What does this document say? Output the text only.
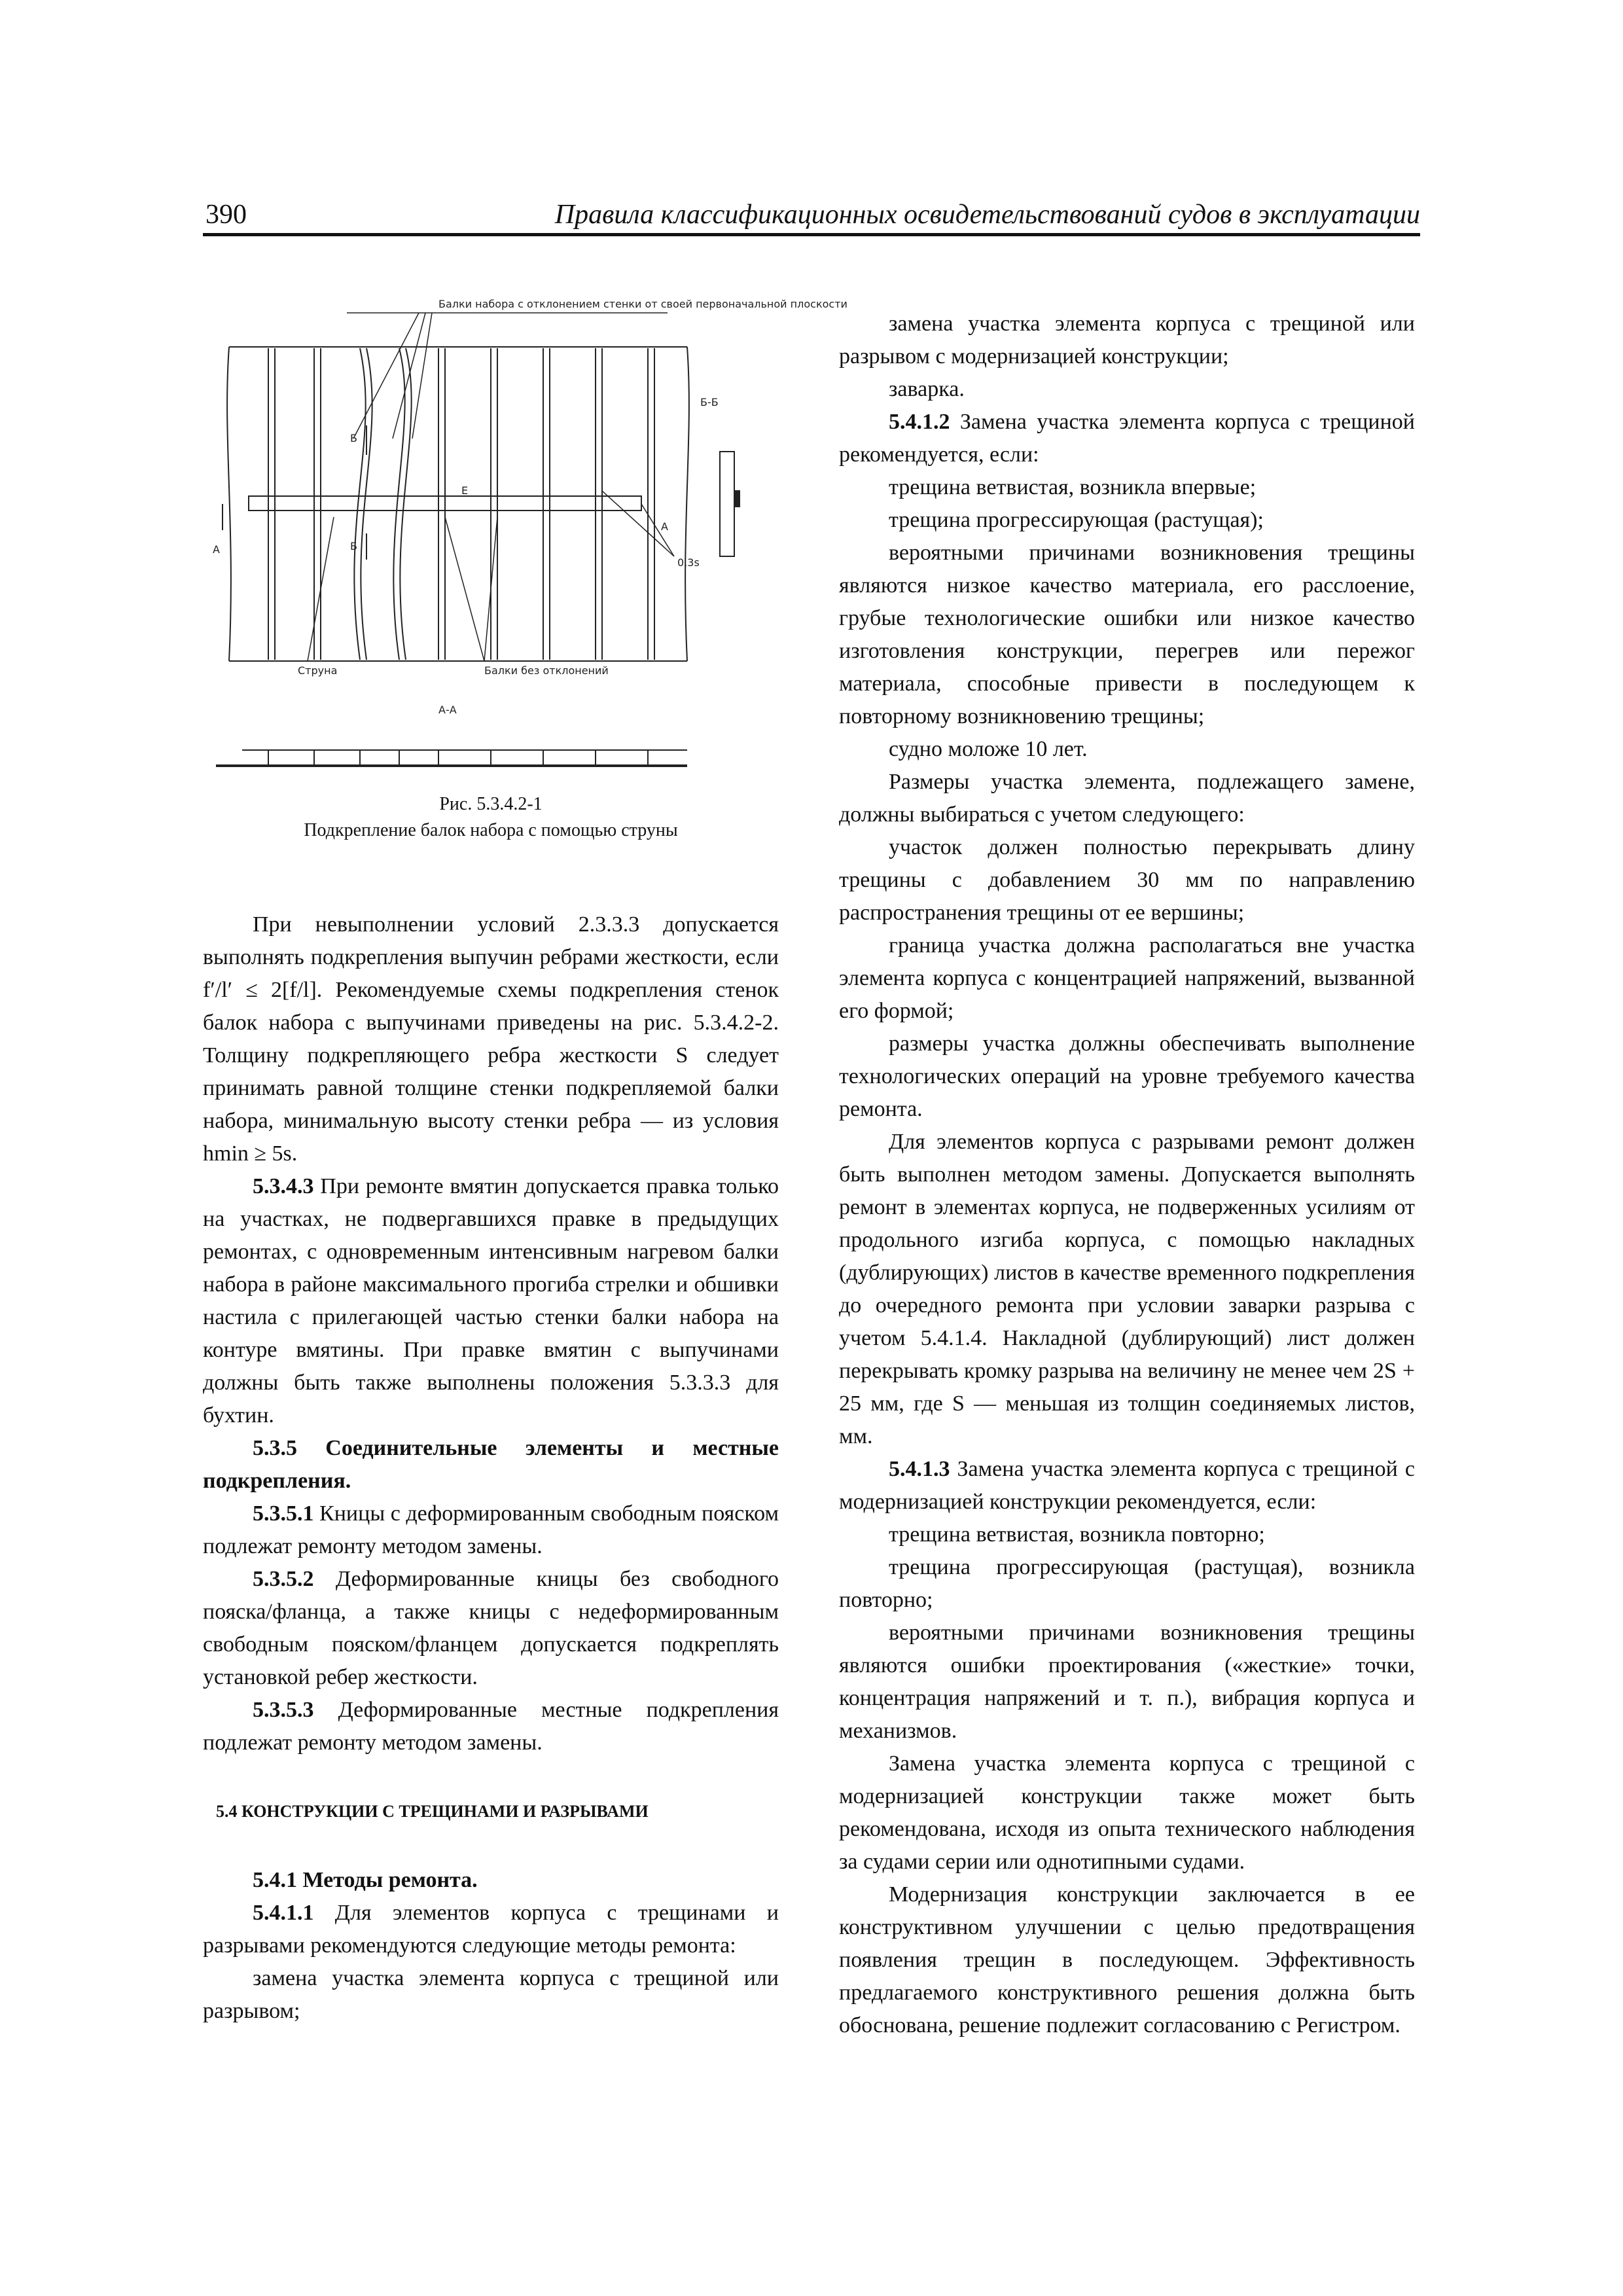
390	Правила классификационных освидетельствований судов в эксплуатации
Балки набора с отклонением стенки от своей первоначальной плоскости
Б-Б
Б
Б
А
А
Е
0,3s
Струна	Балки без отклонений
А-А
Рис. 5.3.4.2-1
Подкрепление балок набора с помощью струны

При невыполнении условий 2.3.3.3 допускается выполнять подкрепления выпучин ребрами жесткости, если f′/l′ ≤ 2[f/l]. Рекомендуемые схемы подкрепления стенок балок набора с выпучинами приведены на рис. 5.3.4.2-2. Толщину подкрепляющего ребра жесткости S следует принимать равной толщине стенки подкрепляемой балки набора, минимальную высоту стенки ребра — из условия hmin ≥ 5s.

5.3.4.3 При ремонте вмятин допускается правка только на участках, не подвергавшихся правке в предыдущих ремонтах, с одновременным интенсивным нагревом балки набора в районе максимального прогиба стрелки и обшивки настила с прилегающей частью стенки балки набора на контуре вмятины. При правке вмятин с выпучинами должны быть также выполнены положения 5.3.3.3 для бухтин.

5.3.5 Соединительные элементы и местные подкрепления.

5.3.5.1 Кницы с деформированным свободным пояском подлежат ремонту методом замены.

5.3.5.2 Деформированные кницы без свободного пояска/фланца, а также кницы с недеформированным свободным пояском/фланцем допускается подкреплять установкой ребер жесткости.

5.3.5.3 Деформированные местные подкрепления подлежат ремонту методом замены.

5.4 КОНСТРУКЦИИ С ТРЕЩИНАМИ И РАЗРЫВАМИ

5.4.1 Методы ремонта.

5.4.1.1 Для элементов корпуса с трещинами и разрывами рекомендуются следующие методы ремонта:

замена участка элемента корпуса с трещиной или разрывом;

замена участка элемента корпуса с трещиной или разрывом с модернизацией конструкции;

заварка.

5.4.1.2 Замена участка элемента корпуса с трещиной рекомендуется, если:

трещина ветвистая, возникла впервые;

трещина прогрессирующая (растущая);

вероятными причинами возникновения трещины являются низкое качество материала, его расслоение, грубые технологические ошибки или низкое качество изготовления конструкции, перегрев или пережог материала, способные привести в последующем к повторному возникновению трещины;

судно моложе 10 лет.

Размеры участка элемента, подлежащего замене, должны выбираться с учетом следующего:

участок должен полностью перекрывать длину трещины с добавлением 30 мм по направлению распространения трещины от ее вершины;

граница участка должна располагаться вне участка элемента корпуса с концентрацией напряжений, вызванной его формой;

размеры участка должны обеспечивать выполнение технологических операций на уровне требуемого качества ремонта.

Для элементов корпуса с разрывами ремонт должен быть выполнен методом замены. Допускается выполнять ремонт в элементах корпуса, не подверженных усилиям от продольного изгиба корпуса, с помощью накладных (дублирующих) листов в качестве временного подкрепления до очередного ремонта при условии заварки разрыва с учетом 5.4.1.4. Накладной (дублирующий) лист должен перекрывать кромку разрыва на величину не менее чем 2S + 25 мм, где S — меньшая из толщин соединяемых листов, мм.

5.4.1.3 Замена участка элемента корпуса с трещиной с модернизацией конструкции рекомендуется, если:

трещина ветвистая, возникла повторно;

трещина прогрессирующая (растущая), возникла повторно;

вероятными причинами возникновения трещины являются ошибки проектирования («жесткие» точки, концентрация напряжений и т. п.), вибрация корпуса и механизмов.

Замена участка элемента корпуса с трещиной с модернизацией конструкции также может быть рекомендована, исходя из опыта технического наблюдения за судами серии или однотипными судами.

Модернизация конструкции заключается в ее конструктивном улучшении с целью предотвращения появления трещин в последующем. Эффективность предлагаемого конструктивного решения должна быть обоснована, решение подлежит согласованию с Регистром.
